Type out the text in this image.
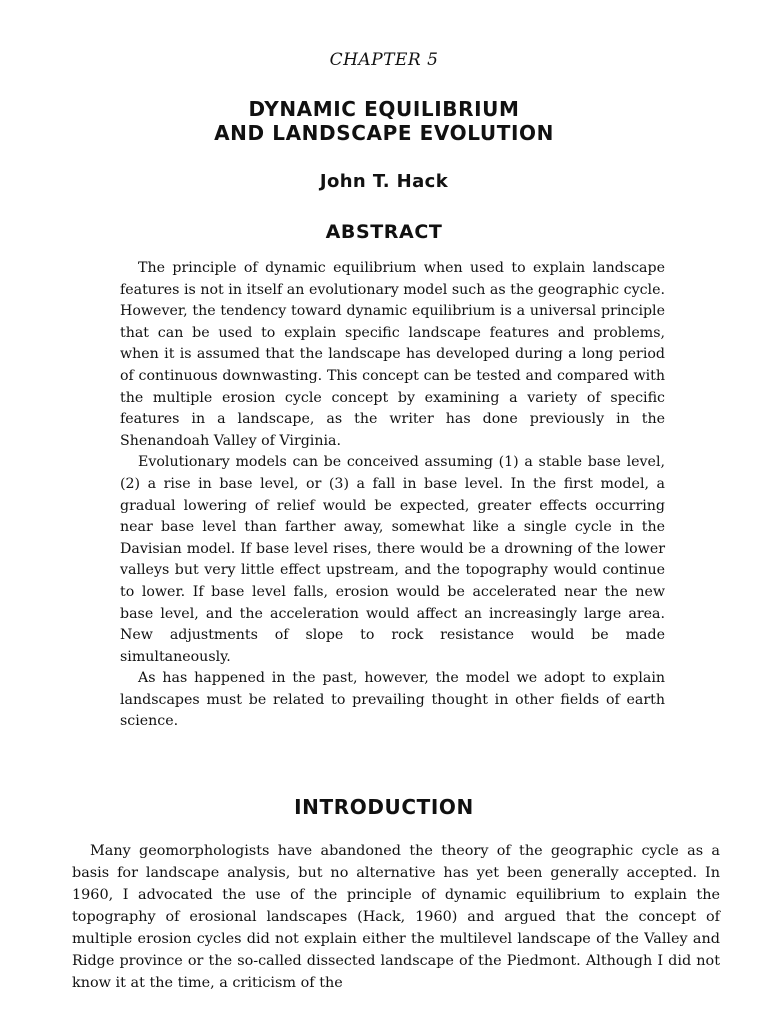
CHAPTER 5
DYNAMIC EQUILIBRIUM
AND LANDSCAPE EVOLUTION
John T. Hack
ABSTRACT

The principle of dynamic equilibrium when used to explain landscape features is not in itself an evolutionary model such as the geographic cycle. However, the tendency toward dynamic equilibrium is a universal principle that can be used to explain specific landscape features and problems, when it is assumed that the landscape has developed during a long period of continuous downwasting. This concept can be tested and compared with the multiple erosion cycle concept by examining a variety of specific features in a landscape, as the writer has done previously in the Shenandoah Valley of Virginia.

Evolutionary models can be conceived assuming (1) a stable base level, (2) a rise in base level, or (3) a fall in base level. In the first model, a gradual lowering of relief would be expected, greater effects occurring near base level than farther away, somewhat like a single cycle in the Davisian model. If base level rises, there would be a drowning of the lower valleys but very little effect upstream, and the topography would continue to lower. If base level falls, erosion would be accelerated near the new base level, and the acceleration would affect an increasingly large area. New adjustments of slope to rock resistance would be made simultaneously.

As has happened in the past, however, the model we adopt to explain landscapes must be related to prevailing thought in other fields of earth science.

INTRODUCTION

Many geomorphologists have abandoned the theory of the geographic cycle as a basis for landscape analysis, but no alternative has yet been generally accepted. In 1960, I advocated the use of the principle of dynamic equilibrium to explain the topography of erosional landscapes (Hack, 1960) and argued that the concept of multiple erosion cycles did not explain either the multilevel landscape of the Valley and Ridge province or the so-called dissected landscape of the Piedmont. Although I did not know it at the time, a criticism of the
